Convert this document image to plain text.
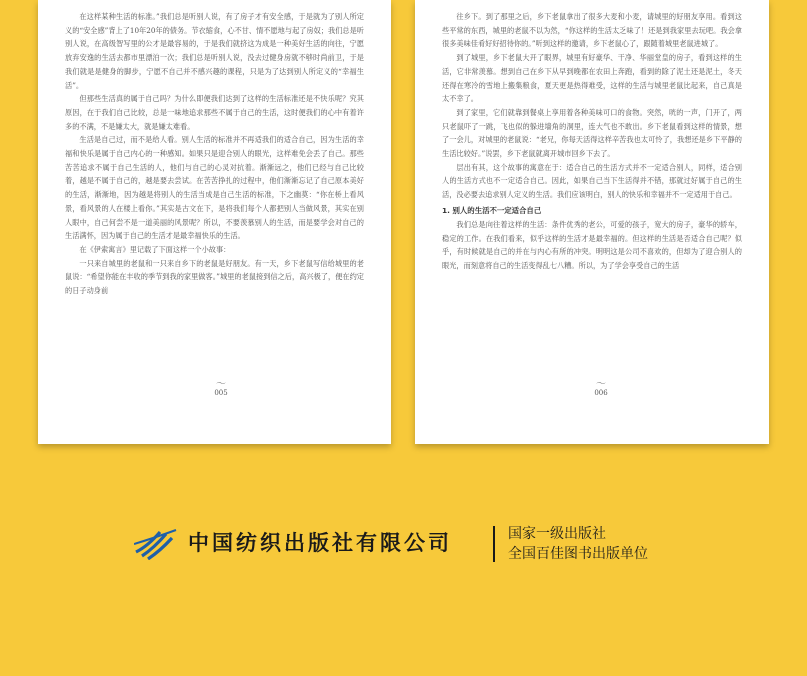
在这样某种生活的标准。”我们总是听别人说，有了房子才有安全感，于是就为了别人所定义的“安全感”背上了10年20年的债务。节衣缩食，心不甘、情不愿地与起了房奴；我们总是听别人说，在高级智写里的公才是最容易的，于是我们就挤这为成是一种美好生活的向往，宁愿放弃安逸的生活去都市里漂泊一次；我们总是听别人说，没去过健身房就不够时尚前卫，于是我们就是是健身的脚步，宁愿不自己并不感兴趣的课程，只是为了达到别人所定义的“幸福生活”。

但那些生活真的属于自己吗？为什么即便我们达到了这样的生活标准还是不快乐呢？究其原因，在于我们自己比较，总是一味地追求那些不属于自己的生活，这时便我们的心中有着许多的不满，不是嫌太大，就是嫌太难看。

生活是自己过，而不是给人看。别人生活的标准并不再适我们的适合自己，因为生活的幸福和快乐是属于自己内心的一种感知。如果只是迎合别人的眼光，这样难免会丢了自己。那些苦苦追求不属于自己生活的人，他们与自己的心灵对抗着。渐渐远之，他们已经与自己比较着，越是不属于自己的，越是要去尝试。在苦苦挣扎的过程中，他们渐渐忘记了自己原本美好的生活，渐渐地，因为越是将别人的生活当成是自己生活的标准，下之幽莫：“你在桥上看风景，看风景的人在楼上看你。”其实是古文在下，是将我们每个人都把别人当做风景，其实在别人眼中，自己何尝不是一道美丽的风景呢？所以，不要羡慕别人的生活，而是要学会对自己的生活满怀，因为属于自己的生活才是最幸福快乐的生活。

在《伊索寓言》里记载了下面这样一个小故事：

一只来自城里的老鼠和一只来自乡下的老鼠是好朋友。有一天，乡下老鼠写信给城里的老鼠说：“希望你能在丰收的季节到我的家里做客。”城里的老鼠接到信之后，高兴极了，便在约定的日子动身前

〜
005

往乡下。到了那里之后，乡下老鼠拿出了很多大麦和小麦，请城里的好朋友享用。看到这些平常的东西，城里的老鼠不以为然，“你这样的生活太乏味了！还是到我家里去玩吧。我会拿很多美味佳肴好好招待你的。”听到这样的邀请，乡下老鼠心了，跟随着城里老鼠进城了。

到了城里，乡下老鼠大开了眼界，城里有好豪华、干净、华丽堂皇的房子，看到这样的生活，它非常羡慕。想到自己在乡下从早到晚都在农田上奔跑，看到的除了泥土还是泥土，冬天还得在寒冷的雪地上搬集粮食，夏天更是热得难受，这样的生活与城里老鼠比起来，自己真是太不幸了。

到了家里，它们就靠到餐桌上享用着各种美味可口的食物。突然，咣的一声，门开了，两只老鼠吓了一跳，飞也似的躲进墙角的洞里，连大气也不敢出。乡下老鼠看到这样的情景，想了一会儿，对城里的老鼠说：“老兄，你每天活得这样辛苦我也太可怜了，我想还是乡下平静的生活比较好。”说罢，乡下老鼠就离开城市回乡下去了。

层出有其，这个故事的寓意在于：适合自己的生活方式并不一定适合别人，同样，适合别人的生活方式也不一定适合自己。因此，如果自己当下生活得并不错，那就过好属于自己的生活，没必要去追求别人定义的生活。我们应该明白，别人的快乐和幸福并不一定适用于自己。

1. 别人的生活不一定适合自己

我们总是向往着这样的生活：条件优秀的老公，可爱的孩子，宽大的房子，豪华的轿车，稳定的工作。在我们看来，似乎这样的生活才是最幸福的。但这样的生活是否适合自己呢？似乎，有时候就是自己的并在与内心有所的冲突。明明这是公司不喜欢的，但却为了迎合别人的眼光，而刻意将自己的生活变得乱七八糟。所以，为了学会享受自己的生活

〜
006
中国纺织出版社有限公司	国家一级出版社
全国百佳图书出版单位
